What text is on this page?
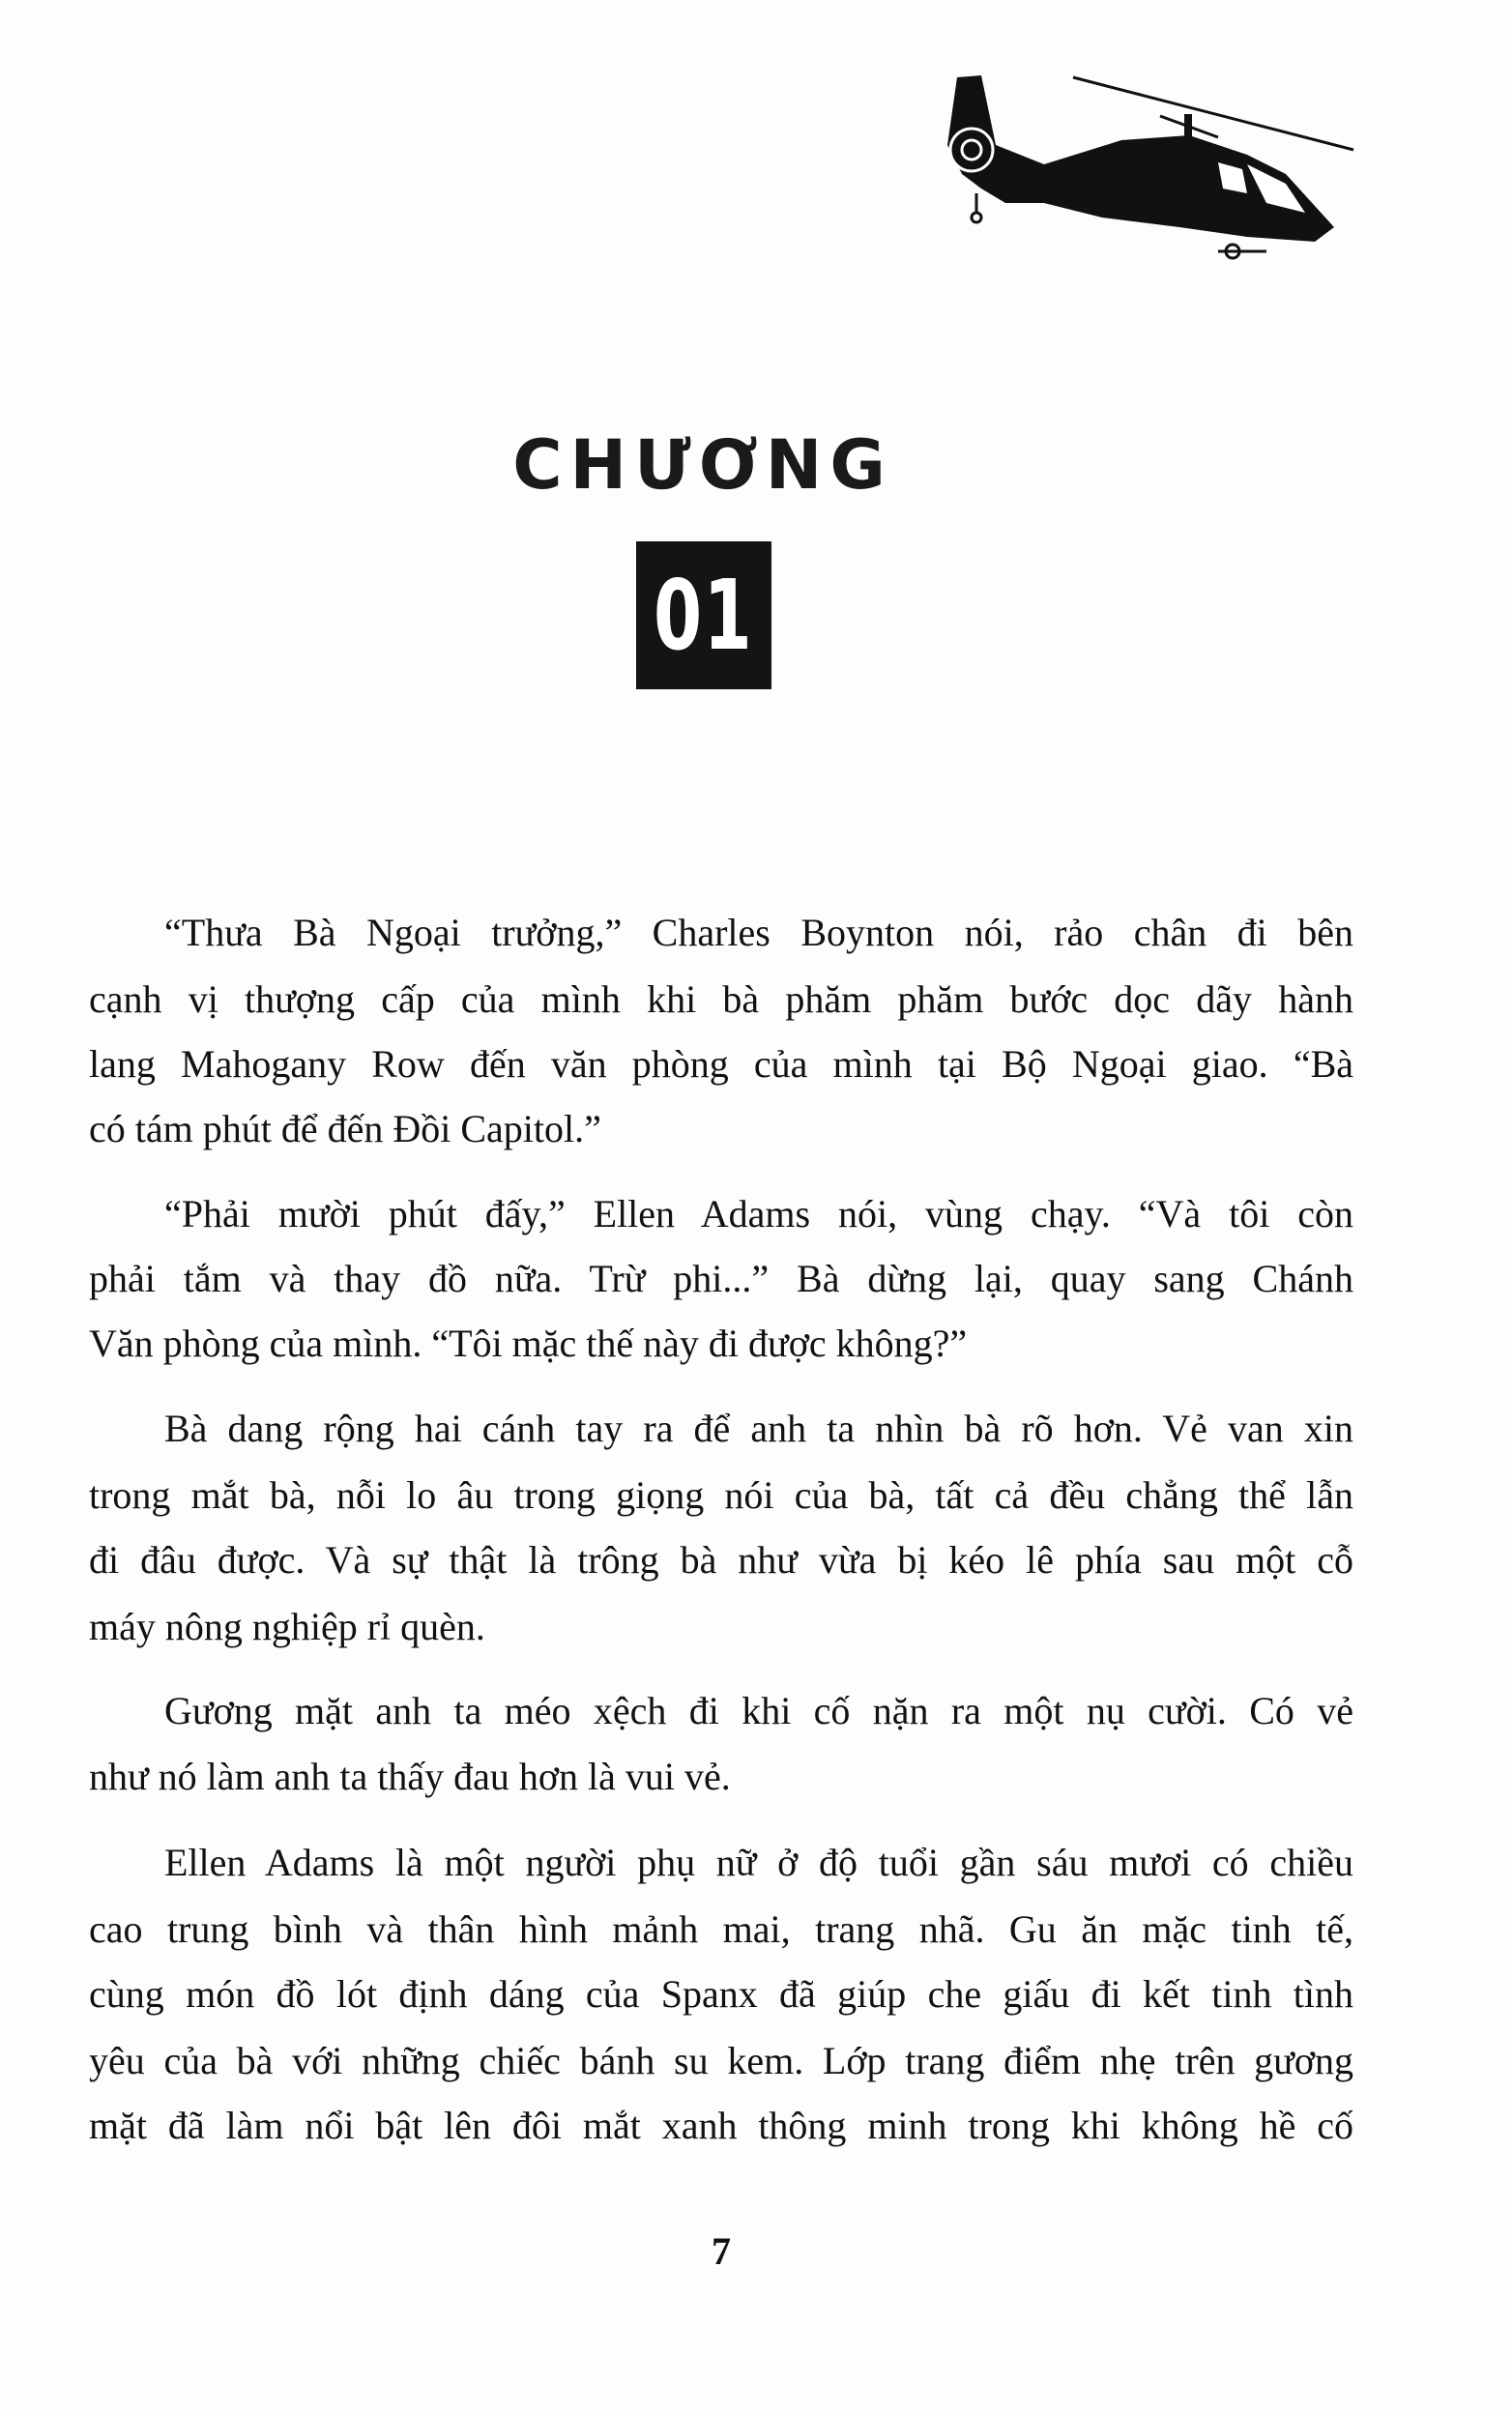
CHƯƠNG
01
“Thưa Bà Ngoại trưởng,” Charles Boynton nói, rảo chân đi bên
cạnh vị thượng cấp của mình khi bà phăm phăm bước dọc dãy hành
lang Mahogany Row đến văn phòng của mình tại Bộ Ngoại giao. “Bà
có tám phút để đến Đồi Capitol.”
“Phải mười phút đấy,” Ellen Adams nói, vùng chạy. “Và tôi còn
phải tắm và thay đồ nữa. Trừ phi...” Bà dừng lại, quay sang Chánh
Văn phòng của mình. “Tôi mặc thế này đi được không?”
Bà dang rộng hai cánh tay ra để anh ta nhìn bà rõ hơn. Vẻ van xin
trong mắt bà, nỗi lo âu trong giọng nói của bà, tất cả đều chẳng thể lẫn
đi đâu được. Và sự thật là trông bà như vừa bị kéo lê phía sau một cỗ
máy nông nghiệp rỉ quèn.
Gương mặt anh ta méo xệch đi khi cố nặn ra một nụ cười. Có vẻ
như nó làm anh ta thấy đau hơn là vui vẻ.
Ellen Adams là một người phụ nữ ở độ tuổi gần sáu mươi có chiều
cao trung bình và thân hình mảnh mai, trang nhã. Gu ăn mặc tinh tế,
cùng món đồ lót định dáng của Spanx đã giúp che giấu đi kết tinh tình
yêu của bà với những chiếc bánh su kem. Lớp trang điểm nhẹ trên gương
mặt đã làm nổi bật lên đôi mắt xanh thông minh trong khi không hề cố
7
